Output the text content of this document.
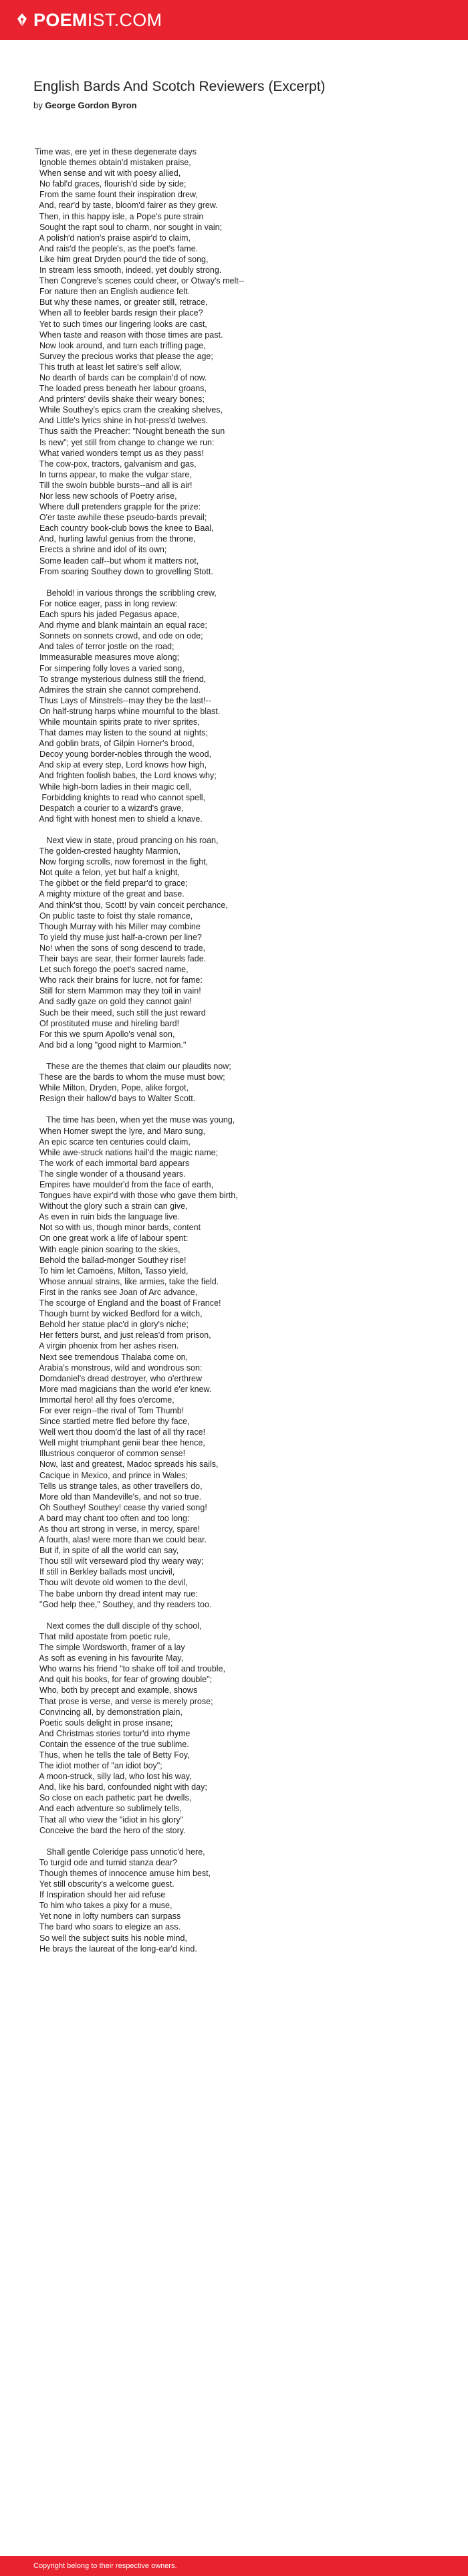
POEMIST.COM
English Bards And Scotch Reviewers (Excerpt)
by George Gordon Byron
Time was, ere yet in these degenerate days
Ignoble themes obtain'd mistaken praise,
When sense and wit with poesy allied,
No fabl'd graces, flourish'd side by side;
From the same fount their inspiration drew,
And, rear'd by taste, bloom'd fairer as they grew.
Then, in this happy isle, a Pope's pure strain
Sought the rapt soul to charm, nor sought in vain;
A polish'd nation's praise aspir'd to claim,
And rais'd the people's, as the poet's fame.
Like him great Dryden pour'd the tide of song,
In stream less smooth, indeed, yet doubly strong.
Then Congreve's scenes could cheer, or Otway's melt--
For nature then an English audience felt.
But why these names, or greater still, retrace,
When all to feebler bards resign their place?
Yet to such times our lingering looks are cast,
When taste and reason with those times are past.
Now look around, and turn each trifling page,
Survey the precious works that please the age;
This truth at least let satire's self allow,
No dearth of bards can be complain'd of now.
The loaded press beneath her labour groans,
And printers' devils shake their weary bones;
While Southey's epics cram the creaking shelves,
And Little's lyrics shine in hot-press'd twelves.
Thus saith the Preacher: "Nought beneath the sun
Is new"; yet still from change to change we run:
What varied wonders tempt us as they pass!
The cow-pox, tractors, galvanism and gas,
In turns appear, to make the vulgar stare,
Till the swoln bubble bursts--and all is air!
Nor less new schools of Poetry arise,
Where dull pretenders grapple for the prize:
O'er taste awhile these pseudo-bards prevail;
Each country book-club bows the knee to Baal,
And, hurling lawful genius from the throne,
Erects a shrine and idol of its own;
Some leaden calf--but whom it matters not,
From soaring Southey down to grovelling Stott.
Behold! in various throngs the scribbling crew,
For notice eager, pass in long review:
Each spurs his jaded Pegasus apace,
And rhyme and blank maintain an equal race;
Sonnets on sonnets crowd, and ode on ode;
And tales of terror jostle on the road;
Immeasurable measures move along;
For simpering folly loves a varied song,
To strange mysterious dulness still the friend,
Admires the strain she cannot comprehend.
Thus Lays of Minstrels--may they be the last!--
On half-strung harps whine mournful to the blast.
While mountain spirits prate to river sprites,
That dames may listen to the sound at nights;
And goblin brats, of Gilpin Horner's brood,
Decoy young border-nobles through the wood,
And skip at every step, Lord knows how high,
And frighten foolish babes, the Lord knows why;
While high-born ladies in their magic cell,
Forbidding knights to read who cannot spell,
Despatch a courier to a wizard's grave,
And fight with honest men to shield a knave.
Next view in state, proud prancing on his roan,
The golden-crested haughty Marmion,
Now forging scrolls, now foremost in the fight,
Not quite a felon, yet but half a knight,
The gibbet or the field prepar'd to grace;
A mighty mixture of the great and base.
And think'st thou, Scott! by vain conceit perchance,
On public taste to foist thy stale romance,
Though Murray with his Miller may combine
To yield thy muse just half-a-crown per line?
No! when the sons of song descend to trade,
Their bays are sear, their former laurels fade.
Let such forego the poet's sacred name,
Who rack their brains for lucre, not for fame:
Still for stern Mammon may they toil in vain!
And sadly gaze on gold they cannot gain!
Such be their meed, such still the just reward
Of prostituted muse and hireling bard!
For this we spurn Apollo's venal son,
And bid a long "good night to Marmion."
These are the themes that claim our plaudits now;
These are the bards to whom the muse must bow;
While Milton, Dryden, Pope, alike forgot,
Resign their hallow'd bays to Walter Scott.
The time has been, when yet the muse was young,
When Homer swept the lyre, and Maro sung,
An epic scarce ten centuries could claim,
While awe-struck nations hail'd the magic name;
The work of each immortal bard appears
The single wonder of a thousand years.
Empires have moulder'd from the face of earth,
Tongues have expir'd with those who gave them birth,
Without the glory such a strain can give,
As even in ruin bids the language live.
Not so with us, though minor bards, content
On one great work a life of labour spent:
With eagle pinion soaring to the skies,
Behold the ballad-monger Southey rise!
To him let Camoëns, Milton, Tasso yield,
Whose annual strains, like armies, take the field.
First in the ranks see Joan of Arc advance,
The scourge of England and the boast of France!
Though burnt by wicked Bedford for a witch,
Behold her statue plac'd in glory's niche;
Her fetters burst, and just releas'd from prison,
A virgin phoenix from her ashes risen.
Next see tremendous Thalaba come on,
Arabia's monstrous, wild and wondrous son:
Domdaniel's dread destroyer, who o'erthrew
More mad magicians than the world e'er knew.
Immortal hero! all thy foes o'ercome,
For ever reign--the rival of Tom Thumb!
Since startled metre fled before thy face,
Well wert thou doom'd the last of all thy race!
Well might triumphant genii bear thee hence,
Illustrious conqueror of common sense!
Now, last and greatest, Madoc spreads his sails,
Cacique in Mexico, and prince in Wales;
Tells us strange tales, as other travellers do,
More old than Mandeville's, and not so true.
Oh Southey! Southey! cease thy varied song!
A bard may chant too often and too long:
As thou art strong in verse, in mercy, spare!
A fourth, alas! were more than we could bear.
But if, in spite of all the world can say,
Thou still wilt verseward plod thy weary way;
If still in Berkley ballads most uncivil,
Thou wilt devote old women to the devil,
The babe unborn thy dread intent may rue:
"God help thee," Southey, and thy readers too.
Next comes the dull disciple of thy school,
That mild apostate from poetic rule,
The simple Wordsworth, framer of a lay
As soft as evening in his favourite May,
Who warns his friend "to shake off toil and trouble,
And quit his books, for fear of growing double";
Who, both by precept and example, shows
That prose is verse, and verse is merely prose;
Convincing all, by demonstration plain,
Poetic souls delight in prose insane;
And Christmas stories tortur'd into rhyme
Contain the essence of the true sublime.
Thus, when he tells the tale of Betty Foy,
The idiot mother of "an idiot boy";
A moon-struck, silly lad, who lost his way,
And, like his bard, confounded night with day;
So close on each pathetic part he dwells,
And each adventure so sublimely tells,
That all who view the "idiot in his glory"
Conceive the bard the hero of the story.
Shall gentle Coleridge pass unnotic'd here,
To turgid ode and tumid stanza dear?
Though themes of innocence amuse him best,
Yet still obscurity's a welcome guest.
If Inspiration should her aid refuse
To him who takes a pixy for a muse,
Yet none in lofty numbers can surpass
The bard who soars to elegize an ass.
So well the subject suits his noble mind,
He brays the laureat of the long-ear'd kind.
Copyright belong to their respective owners.
